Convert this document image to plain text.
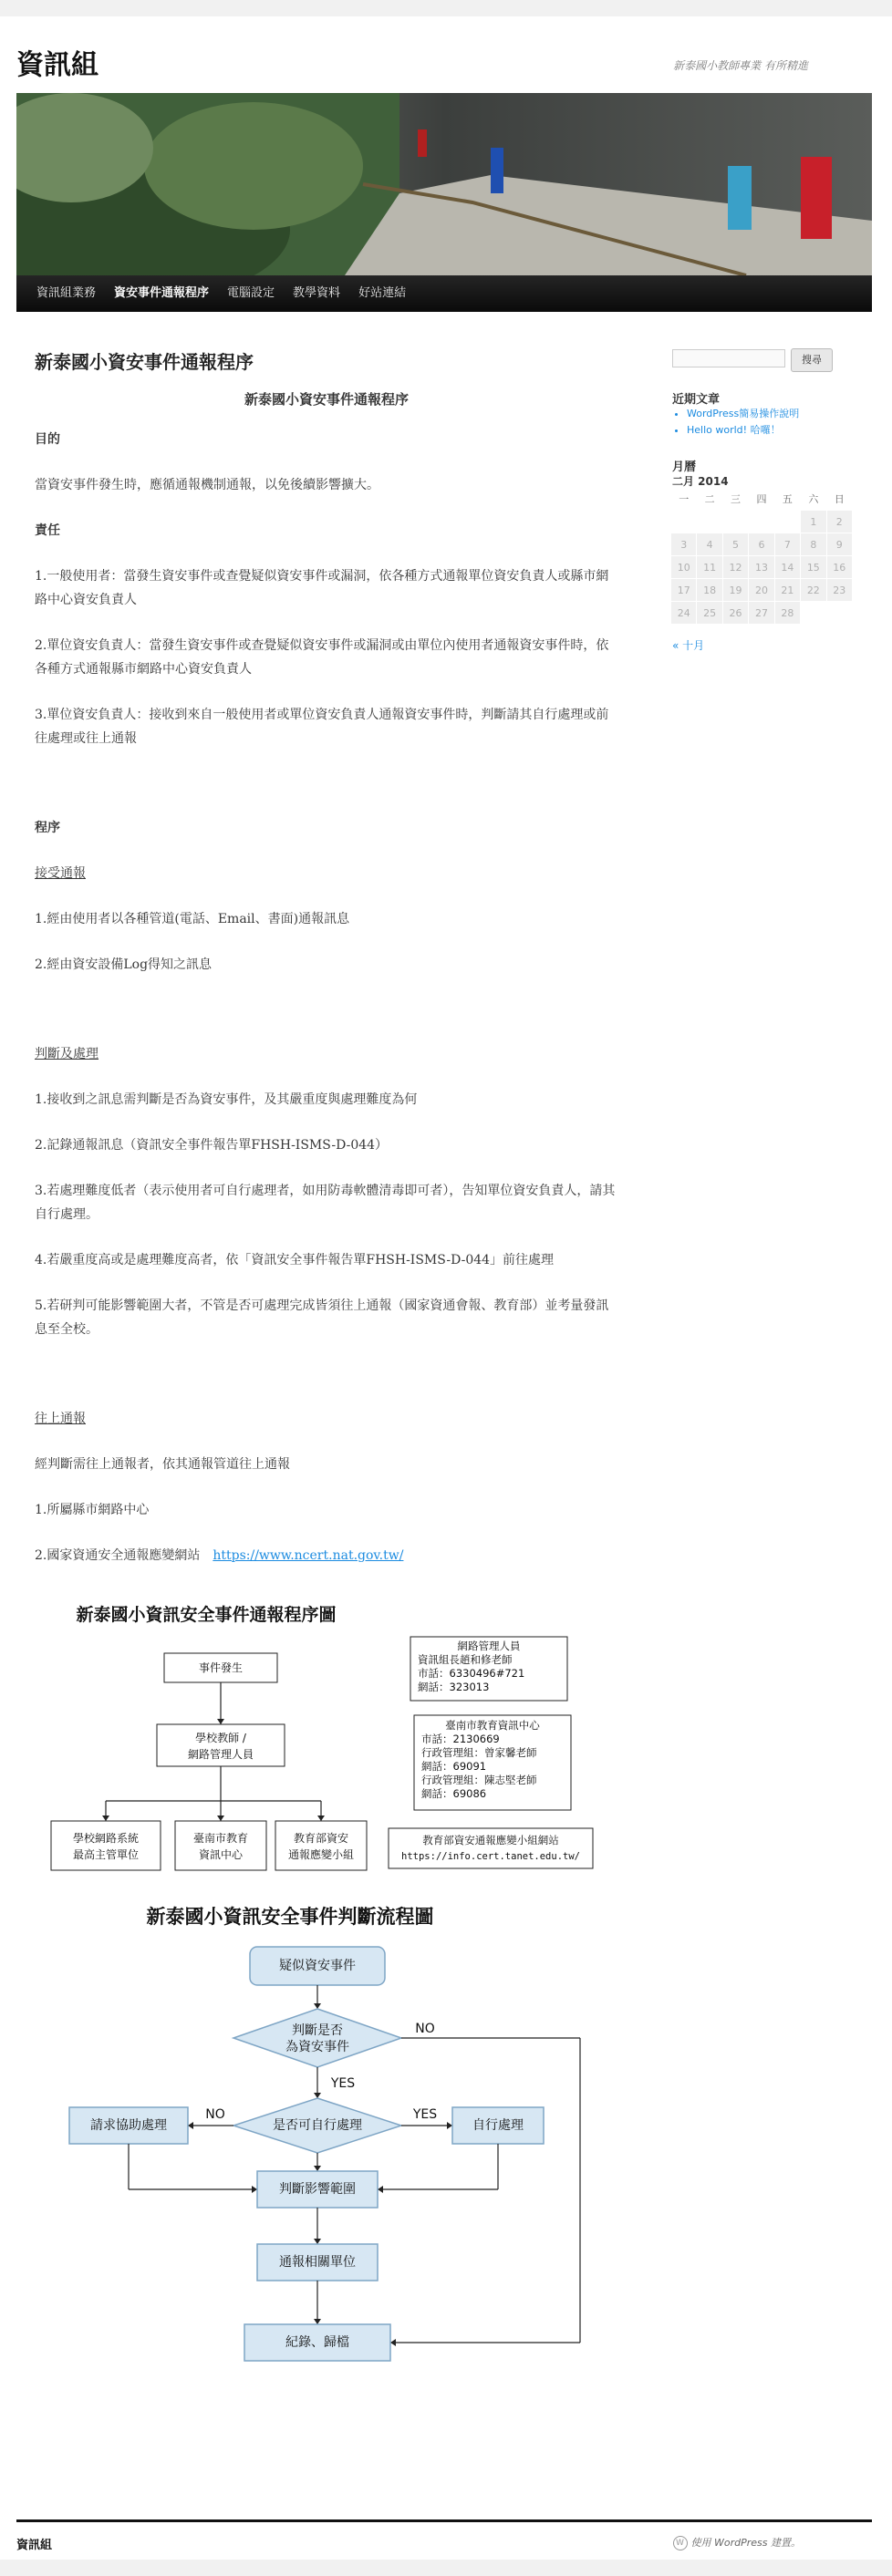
資訊組	新泰國小教師專業 有所精進
資訊組業務	資安事件通報程序	電腦設定	教學資料	好站連結
新泰國小資安事件通報程序

新泰國小資安事件通報程序

目的

當資安事件發生時，應循通報機制通報，以免後續影響擴大。

責任

1.一般使用者：當發生資安事件或查覺疑似資安事件或漏洞，依各種方式通報單位資安負責人或縣市網路中心資安負責人

2.單位資安負責人：當發生資安事件或查覺疑似資安事件或漏洞或由單位內使用者通報資安事件時，依各種方式通報縣市網路中心資安負責人

3.單位資安負責人：接收到來自一般使用者或單位資安負責人通報資安事件時，判斷請其自行處理或前往處理或往上通報

程序

接受通報

1.經由使用者以各種管道(電話、Email、書面)通報訊息

2.經由資安設備Log得知之訊息

判斷及處理

1.接收到之訊息需判斷是否為資安事件，及其嚴重度與處理難度為何

2.記錄通報訊息（資訊安全事件報告單FHSH-ISMS-D-044）

3.若處理難度低者（表示使用者可自行處理者，如用防毒軟體清毒即可者），告知單位資安負責人，請其自行處理。

4.若嚴重度高或是處理難度高者，依「資訊安全事件報告單FHSH-ISMS-D-044」前往處理

5.若研判可能影響範圍大者，不管是否可處理完成皆須往上通報（國家資通會報、教育部）並考量發訊息至全校。

往上通報

經判斷需往上通報者，依其通報管道往上通報

1.所屬縣市網路中心

2.國家資通安全通報應變網站　 https://www.ncert.nat.gov.tw/

新泰國小資訊安全事件通報程序圖
事件發生
學校教師 /
網路管理人員
學校網路系統
最高主管單位
臺南市教育
資訊中心
教育部資安
通報應變小組
網路管理人員
資訊組長趙和修老師
市話：6330496#721
網話：323013
臺南市教育資訊中心
市話：2130669
行政管理組：曾家馨老師
網話：69091
行政管理組：陳志堅老師
網話：69086
教育部資安通報應變小組網站
https://info.cert.tanet.edu.tw/
新泰國小資訊安全事件判斷流程圖
疑似資安事件
判斷是否
為資安事件
NO
YES
是否可自行處理
NO	YES
請求協助處理	自行處理
判斷影響範圍
通報相關單位
紀錄、歸檔
搜尋
近期文章
• WordPress簡易操作說明
• Hello world! 哈囉！
月曆
二月 2014
一	二	三	四	五	六	日
					1	2
3	4	5	6	7	8	9
10	11	12	13	14	15	16
17	18	19	20	21	22	23
24	25	26	27	28		
« 十月
資訊組	W 使用 WordPress 建置。
